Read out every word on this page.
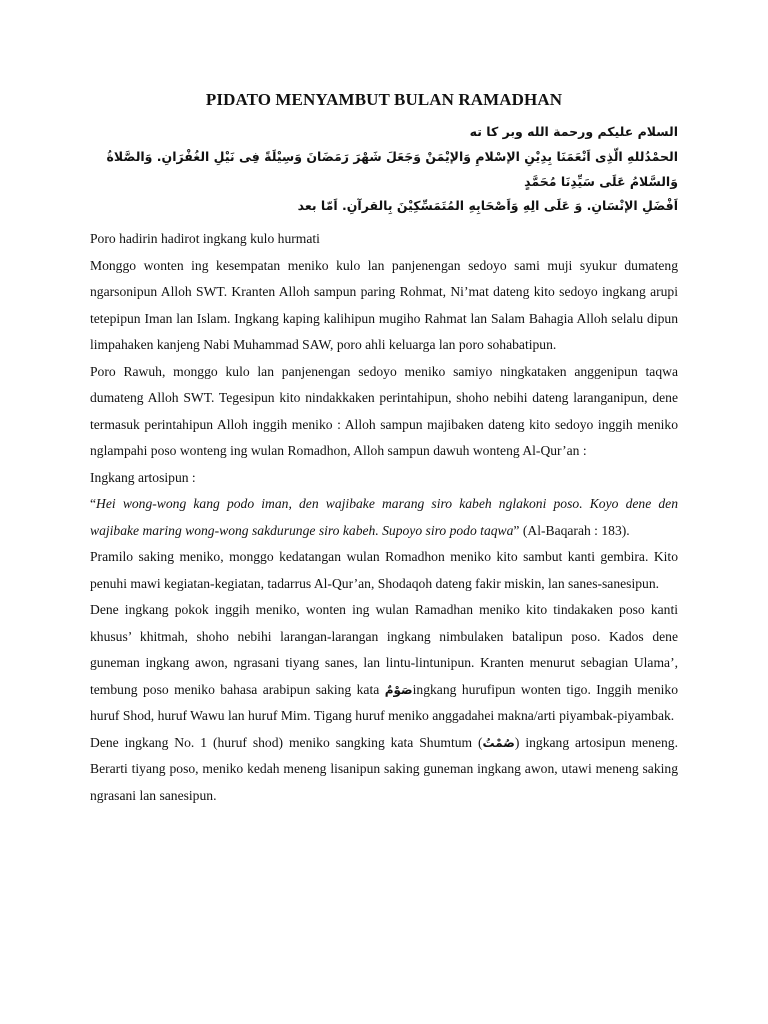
PIDATO MENYAMBUT BULAN RAMADHAN
السلام عليكم ورحمة الله وبر كا ته
الحمْدُللهِ الّذِى اَنْعَمَنَا بِدِيْنِ الإسْلامِ وَالإيْمَنْ وَجَعَلَ شَهْرَ رَمَضَانَ وَسِيْلَةً فِى نَيْلِ الغُفْرَانِ. وَالصَّلاةُ وَالسَّلامُ عَلَى سَيِّدِنَا مُحَمَّدٍ
اَفْضَلِ الإنْسَانِ. وَ عَلَى الِهِ وَاَصْحَابِهِ المُتَمَسِّكِيْنَ بِالقرآنِ. اَمّا بعد

Poro hadirin hadirot ingkang kulo hurmati

Monggo wonten ing kesempatan meniko kulo lan panjenengan sedoyo sami muji syukur dumateng ngarsonipun Alloh SWT. Kranten Alloh sampun paring Rohmat, Ni’mat dateng kito sedoyo ingkang arupi tetepipun Iman lan Islam. Ingkang kaping kalihipun mugiho Rahmat lan Salam Bahagia Alloh selalu dipun limpahaken kanjeng Nabi Muhammad SAW, poro ahli keluarga lan poro sohabatipun.

Poro Rawuh, monggo kulo lan panjenengan sedoyo meniko samiyo ningkataken anggenipun taqwa dumateng Alloh SWT. Tegesipun kito nindakkaken perintahipun, shoho nebihi dateng laranganipun, dene termasuk perintahipun Alloh inggih meniko : Alloh sampun majibaken dateng kito sedoyo inggih meniko nglampahi poso wonteng ing wulan Romadhon, Alloh sampun dawuh wonteng Al-Qur’an :

Ingkang artosipun :

“Hei wong-wong kang podo iman, den wajibake marang siro kabeh nglakoni poso. Koyo dene den wajibake maring wong-wong sakdurunge siro kabeh. Supoyo siro podo taqwa” (Al-Baqarah : 183).

Pramilo saking meniko, monggo kedatangan wulan Romadhon meniko kito sambut kanti gembira. Kito penuhi mawi kegiatan-kegiatan, tadarrus Al-Qur’an, Shodaqoh dateng fakir miskin, lan sanes-sanesipun.

Dene ingkang pokok inggih meniko, wonten ing wulan Ramadhan meniko kito tindakaken poso kanti khusus’ khitmah, shoho nebihi larangan-larangan ingkang nimbulaken batalipun poso. Kados dene guneman ingkang awon, ngrasani tiyang sanes, lan lintu-lintunipun. Kranten menurut sebagian Ulama’, tembung poso meniko bahasa arabipun saking kata صَوْمٌingkang hurufipun wonten tigo. Inggih meniko huruf Shod, huruf Wawu lan huruf Mim. Tigang huruf meniko anggadahei makna/arti piyambak-piyambak.

Dene ingkang No. 1 (huruf shod) meniko sangking kata Shumtum (صُمْتُ) ingkang artosipun meneng. Berarti tiyang poso, meniko kedah meneng lisanipun saking guneman ingkang awon, utawi meneng saking ngrasani lan sanesipun.
